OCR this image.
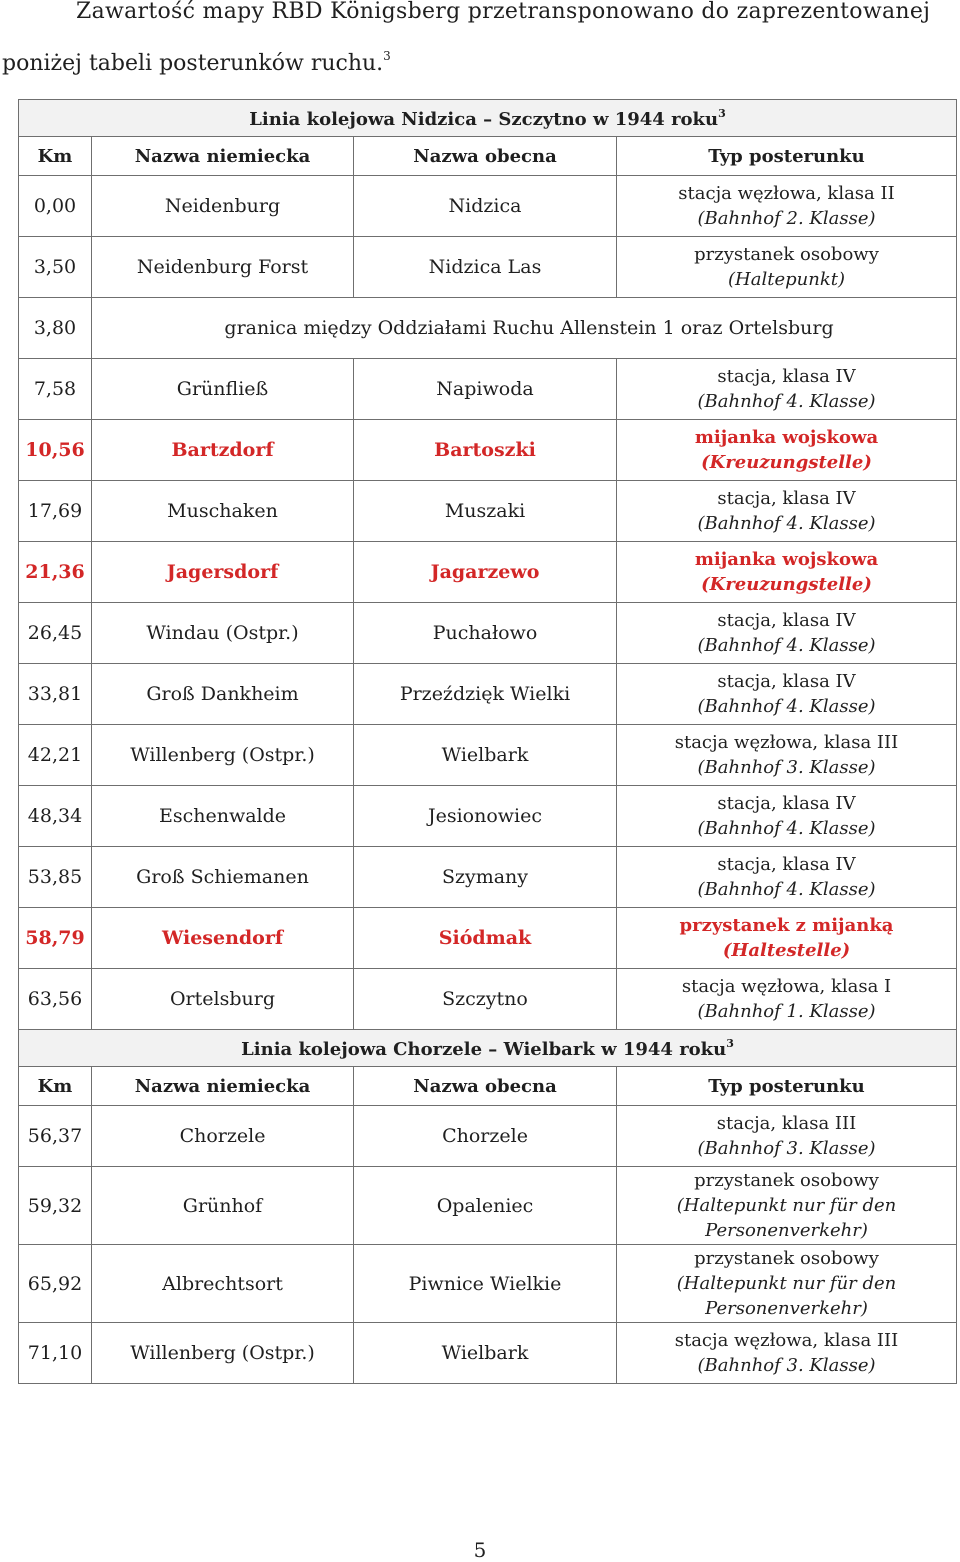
Zawartość mapy RBD Königsberg przetransponowano do zaprezentowanej
poniżej tabeli posterunków ruchu.$^3$
Linia kolejowa Nidzica – Szczytno w 1944 roku$^3$
Km	Nazwa niemiecka	Nazwa obecna	Typ posterunku
0,00	Neidenburg	Nidzica	stacja węzłowa, klasa II
(Bahnhof 2. Klasse)

3,50	Neidenburg Forst	Nidzica Las	przystanek osobowy
(Haltepunkt)

3,80	granica między Oddziałami Ruchu Allenstein 1 oraz Ortelsburg		
7,58	Grünfließ	Napiwoda	stacja, klasa IV
(Bahnhof 4. Klasse)

10,56	Bartzdorf	Bartoszki	mijanka wojskowa
(Kreuzungstelle)

17,69	Muschaken	Muszaki	stacja, klasa IV
(Bahnhof 4. Klasse)

21,36	Jagersdorf	Jagarzewo	mijanka wojskowa
(Kreuzungstelle)

26,45	Windau (Ostpr.)	Puchałowo	stacja, klasa IV
(Bahnhof 4. Klasse)

33,81	Groß Dankheim	Przeździęk Wielki	stacja, klasa IV
(Bahnhof 4. Klasse)

42,21	Willenberg (Ostpr.)	Wielbark	stacja węzłowa, klasa III
(Bahnhof 3. Klasse)

48,34	Eschenwalde	Jesionowiec	stacja, klasa IV
(Bahnhof 4. Klasse)

53,85	Groß Schiemanen	Szymany	stacja, klasa IV
(Bahnhof 4. Klasse)

58,79	Wiesendorf	Siódmak	przystanek z mijanką
(Haltestelle)

63,56	Ortelsburg	Szczytno	stacja węzłowa, klasa I
(Bahnhof 1. Klasse)

Linia kolejowa Chorzele – Wielbark w 1944 roku$^3$
Km	Nazwa niemiecka	Nazwa obecna	Typ posterunku
56,37	Chorzele	Chorzele	stacja, klasa III
(Bahnhof 3. Klasse)

59,32	Grünhof	Opaleniec	przystanek osobowy
(Haltepunkt nur für den Personenverkehr)

65,92	Albrechtsort	Piwnice Wielkie	przystanek osobowy
(Haltepunkt nur für den Personenverkehr)

71,10	Willenberg (Ostpr.)	Wielbark	stacja węzłowa, klasa III
(Bahnhof 3. Klasse)
5
